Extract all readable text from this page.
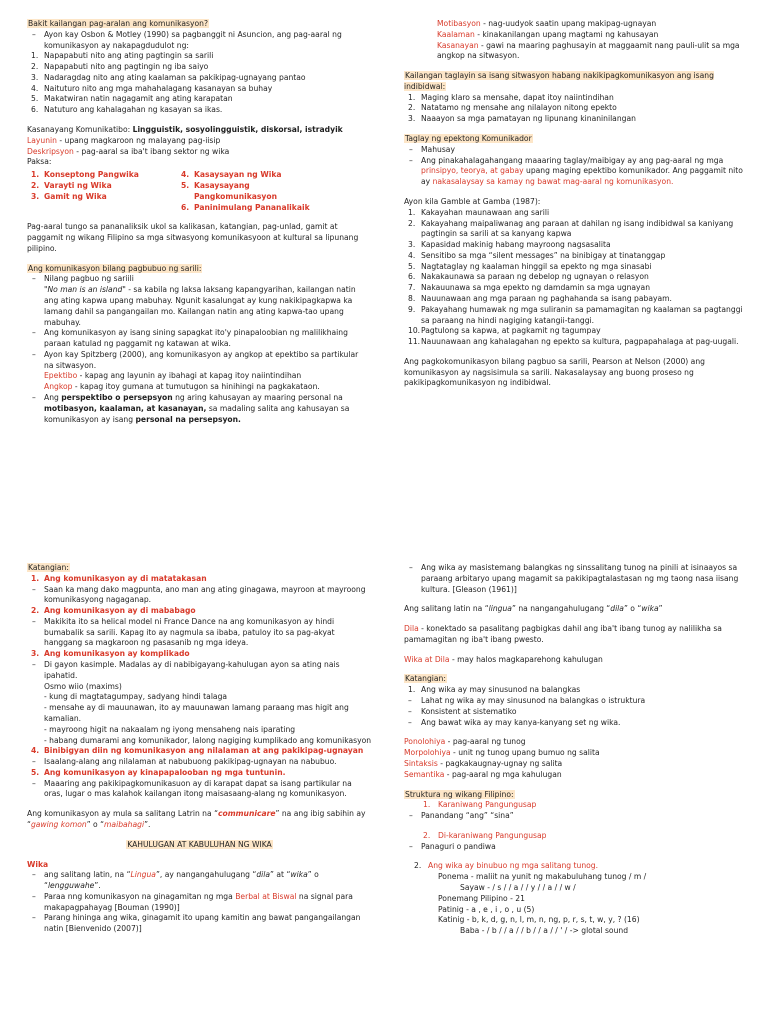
Bakit kailangan pag-aralan ang komunikasyon?

– Ayon kay Osbon & Motley (1990) sa pagbanggit ni Asuncion, ang pag-aaral ng komunikasyon ay nakapagdudulot ng:
1. Napapabuti nito ang ating pagtingin sa sarili
2. Napapabuti nito ang pagtingin ng iba saiyo
3. Nadaragdag nito ang ating kaalaman sa pakikipag-ugnayang pantao
4. Naituturo nito ang mga mahahalagang kasanayan sa buhay
5. Makatwiran natin nagagamit ang ating karapatan
6. Natuturo ang kahalagahan ng kasayan sa ikas.

Kasanayang Komunikatibo: Lingguistik, sosyolingguistik, diskorsal, istradyik

Layunin - upang magkaroon ng malayang pag-iisip

Deskripsyon - pag-aaral sa iba't ibang sektor ng wika

Paksa:

1. Konseptong Pangwika
2. Varayti ng Wika
3. Gamit ng Wika
4. Kasaysayan ng Wika
5. Kasaysayang Pangkomunikasyon
6. Paninimulang Pananalikaik

Pag-aaral tungo sa pananaliksik ukol sa kalikasan, katangian, pag-unlad, gamit at paggamit ng wikang Filipino sa mga sitwasyong komunikasyoon at kultural sa lipunang pilipino.

Ang komunikasyon bilang pagbubuo ng sarili:

– Nilang pagbuo ng sariili
"No man is an island" - sa kabila ng laksa laksang kapangyarihan, kailangan natin ang ating kapwa upang mabuhay. Ngunit kasalungat ay kung nakikipagkapwa ka lamang dahil sa pangangailan mo. Kailangan natin ang ating kapwa-tao upang mabuhay.
– Ang komunikasyon ay isang sining sapagkat ito'y pinapaloobian ng malilikhaing paraan katulad ng paggamit ng katawan at wika.
– Ayon kay Spitzberg (2000), ang komunikasyon ay angkop at epektibo sa partikular na sitwasyon.
Epektibo - kapag ang layunin ay ibahagi at kapag itoy naiintindihan
Angkop - kapag itoy gumana at tumutugon sa hinihingi na pagkakataon.
– Ang perspektibo o persepsyon ng aring kahusayan ay maaring personal na motibasyon, kaalaman, at kasanayan, sa madaling salita ang kahusayan sa komunikasyon ay isang personal na persepsyon.

Motibasyon - nag-uudyok saatin upang makipag-ugnayan

Kaalaman - kinakanilangan upang magtami ng kahusayan

Kasanayan - gawi na maaring paghusayin at maggaamit nang pauli-ulit sa mga angkop na sitwasyon.

Kailangan taglayin sa isang sitwasyon habang nakikipagkomunikasyon ang isang indibidwal:

1. Maging klaro sa mensahe, dapat itoy naiintindihan
2. Natatamo ng mensahe ang nilalayon nitong epekto
3. Naaayon sa mga pamatayan ng lipunang kinaninilangan

Taglay ng epektong Komunikador

– Mahusay
– Ang pinakahalagahangang maaaring taglay/maibigay ay ang pag-aaral ng mga prinsipyo, teorya, at gabay upang maging epektibo komunikador. Ang paggamit nito ay nakasalaysay sa kamay ng bawat mag-aaral ng komunikasyon.

Ayon kila Gamble at Gamba (1987):

1. Kakayahan maunawaan ang sarili
2. Kakayahang maipaliwanag ang paraan at dahilan ng isang indibidwal sa kaniyang pagtingin sa sarili at sa kanyang kapwa
3. Kapasidad makinig habang mayroong nagsasalita
4. Sensitibo sa mga “silent messages” na binibigay at tinatanggap
5. Nagtataglay ng kaalaman hinggil sa epekto ng mga sinasabi
6. Nakakaunawa sa paraan ng debelop ng ugnayan o relasyon
7. Nakauunawa sa mga epekto ng damdamin sa mga ugnayan
8. Nauunawaan ang mga paraan ng paghahanda sa isang pabayam.
9. Pakayahang humawak ng mga suliranin sa pamamagitan ng kaalaman sa pagtanggi sa paraang na hindi nagiging katangii-tanggi.
10. Pagtulong sa kapwa, at pagkamit ng tagumpay
11. Nauunawaan ang kahalagahan ng epekto sa kultura, pagpapahalaga at pag-uugali.

Ang pagkokomunikasyon bilang pagbuo sa sarili, Pearson at Nelson (2000) ang komunikasyon ay nagsisimula sa sarili. Nakasalaysay ang buong proseso ng pakikipagkomunikasyon ng indibidwal.

Katangian:

1. Ang komunikasyon ay di matatakasan
– Saan ka mang dako magpunta, ano man ang ating ginagawa, mayroon at mayroong komunikasyong nagaganap.
2. Ang komunikasyon ay di mababago
– Makikita ito sa helical model ni France Dance na ang komunikasyon ay hindi bumabalik sa sarili. Kapag ito ay nagmula sa ibaba, patuloy ito sa pag-akyat hanggang sa magkaroon ng pasasanib ng mga ideya.
3. Ang komunikasyon ay komplikado
– Di gayon kasimple. Madalas ay di nabibigayang-kahulugan ayon sa ating nais ipahatid.
Osmo wiio (maxims)
- kung di magtatagumpay, sadyang hindi talaga
- mensahe ay di mauunawan, ito ay mauunawan lamang paraang mas higit ang kamalian.
- mayroong higit na nakaalam ng iyong mensaheng nais iparating
- habang dumarami ang komunikador, lalong nagiging kumplikado ang komunikasyon
4. Binibigyan diin ng komunikasyon ang nilalaman at ang pakikipag-ugnayan
– Isaalang-alang ang nilalaman at nabubuong pakikipag-ugnayan na nabubuo.
5. Ang komunikasyon ay kinapapalooban ng mga tuntunin.
– Maaaring ang pakikipagkomunikasuon ay di karapat dapat sa isang partikular na oras, lugar o mas kalahok kailangan itong maisasaang-alang ng komunikasyon.

Ang komunikasyon ay mula sa salitang Latrin na “communicare” na ang ibig sabihin ay “gawing komon” o “maibahagi”.

KAHULUGAN AT KABULUHAN NG WIKA

Wika

– ang salitang latin, na “Lingua”, ay nangangahulugang “dila” at “wika” o “lengguwahe”.
– Paraa nng komunikasyon na ginagamitan ng mga Berbal at Biswal na signal para makapagpahayag [Bouman (1990)]
– Parang hininga ang wika, ginagamit ito upang kamitin ang bawat pangangailangan natin [Bienvenido (2007)]
– Ang wika ay masistemang balangkas ng sinssalitang tunog na pinili at isinaayos sa paraang arbitaryo upang magamit sa pakikipagtalastasan ng mg taong nasa iisang kultura. [Gleason (1961)]

Ang salitang latin na “lingua” na nangangahulugang “dila” o “wika”

Dila - konektado sa pasalitang pagbigkas dahil ang iba't ibang tunog ay nalilikha sa pamamagitan ng iba't ibang pwesto.

Wika at Dila - may halos magkaparehong kahulugan

Katangian:

1. Ang wika ay may sinusunod na balangkas
– Lahat ng wika ay may sinusunod na balangkas o istruktura
– Konsistent at sistematiko
– Ang bawat wika ay may kanya-kanyang set ng wika.

Ponolohiya - pag-aaral ng tunog

Morpolohiya - unit ng tunog upang bumuo ng salita

Sintaksis - pagkakaugnay-ugnay ng salita

Semantika - pag-aaral ng mga kahulugan

Struktura ng wikang Filipino:

1. Karaniwang Pangungusap
– Panandang “ang” “sina”
2. Di-karaniwang Pangungusap
– Panaguri o pandiwa
2. Ang wika ay binubuo ng mga salitang tunog.

Ponema - maliit na yunit ng makabuluhang tunog / m /

Sayaw - / s / / a / / y / / a / / w /

Ponemang Pilipino - 21

Patinig - a , e , i , o , u (5)

Katinig - b, k, d, g, n, l, m, n, ng, p, r, s, t, w, y, ? (16)

Baba - / b / / a / / b / / a / / ' / -> glotal sound
